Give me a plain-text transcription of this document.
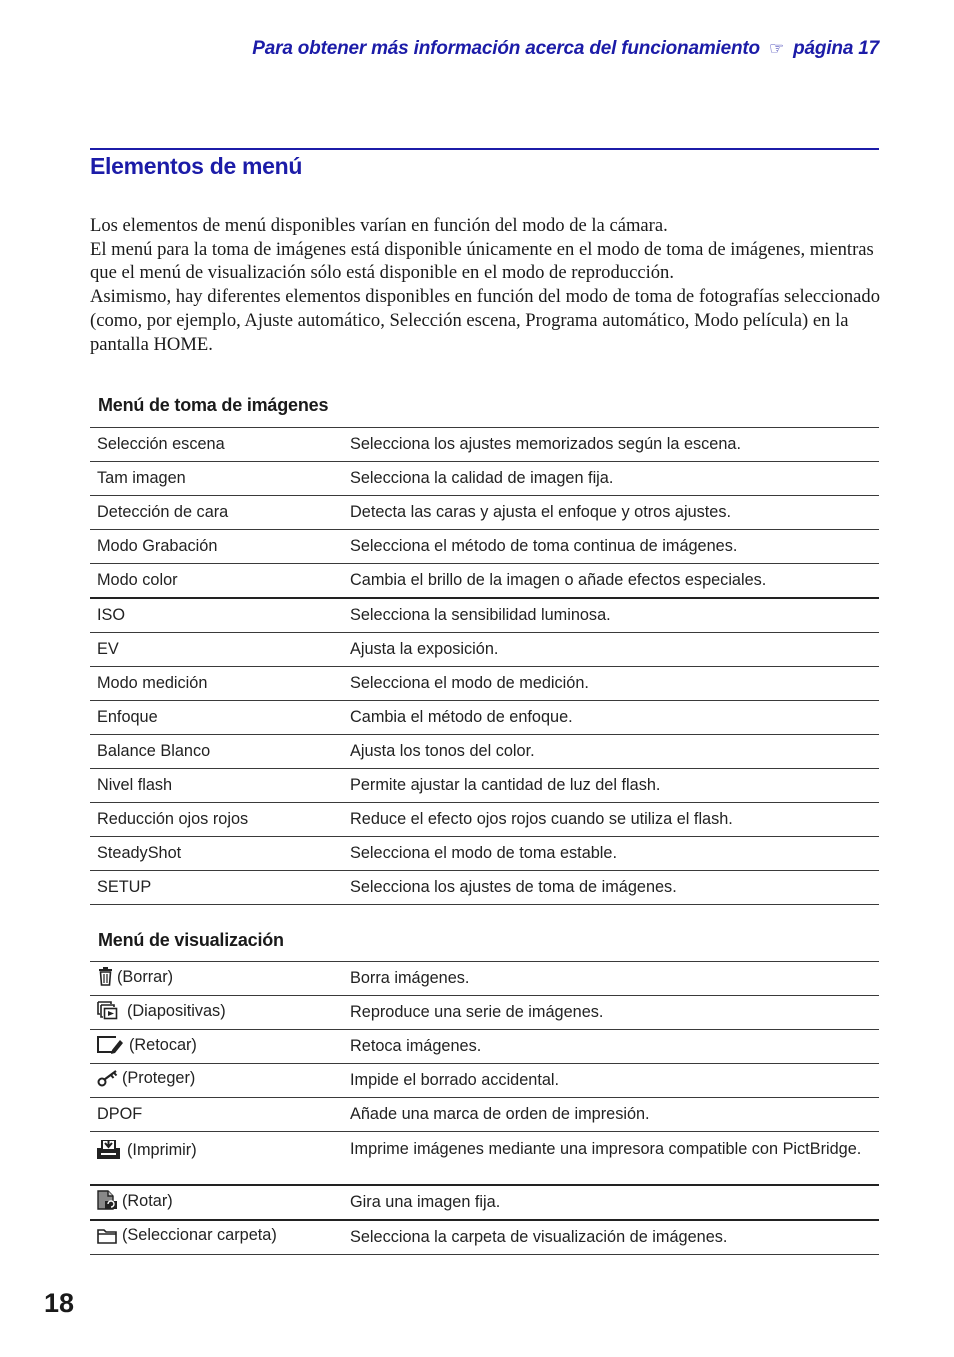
Para obtener más información acerca del funcionamiento ☞ página 17
Elementos de menú

Los elementos de menú disponibles varían en función del modo de la cámara.

El menú para la toma de imágenes está disponible únicamente en el modo de toma de imágenes, mientras que el menú de visualización sólo está disponible en el modo de reproducción.

Asimismo, hay diferentes elementos disponibles en función del modo de toma de fotografías seleccionado (como, por ejemplo, Ajuste automático, Selección escena, Programa automático, Modo película) en la pantalla HOME.

Menú de toma de imágenes
Selección escena	Selecciona los ajustes memorizados según la escena.
Tam imagen	Selecciona la calidad de imagen fija.
Detección de cara	Detecta las caras y ajusta el enfoque y otros ajustes.
Modo Grabación	Selecciona el método de toma continua de imágenes.
Modo color	Cambia el brillo de la imagen o añade efectos especiales.
ISO	Selecciona la sensibilidad luminosa.
EV	Ajusta la exposición.
Modo medición	Selecciona el modo de medición.
Enfoque	Cambia el método de enfoque.
Balance Blanco	Ajusta los tonos del color.
Nivel flash	Permite ajustar la cantidad de luz del flash.
Reducción ojos rojos	Reduce el efecto ojos rojos cuando se utiliza el flash.
SteadyShot	Selecciona el modo de toma estable.
SETUP	Selecciona los ajustes de toma de imágenes.
Menú de visualización
(Borrar)	Borra imágenes.
(Diapositivas)	Reproduce una serie de imágenes.
(Retocar)	Retoca imágenes.
(Proteger)	Impide el borrado accidental.
DPOF	Añade una marca de orden de impresión.
(Imprimir)	Imprime imágenes mediante una impresora compatible con PictBridge.
(Rotar)	Gira una imagen fija.
(Seleccionar carpeta)	Selecciona la carpeta de visualización de imágenes.
18
